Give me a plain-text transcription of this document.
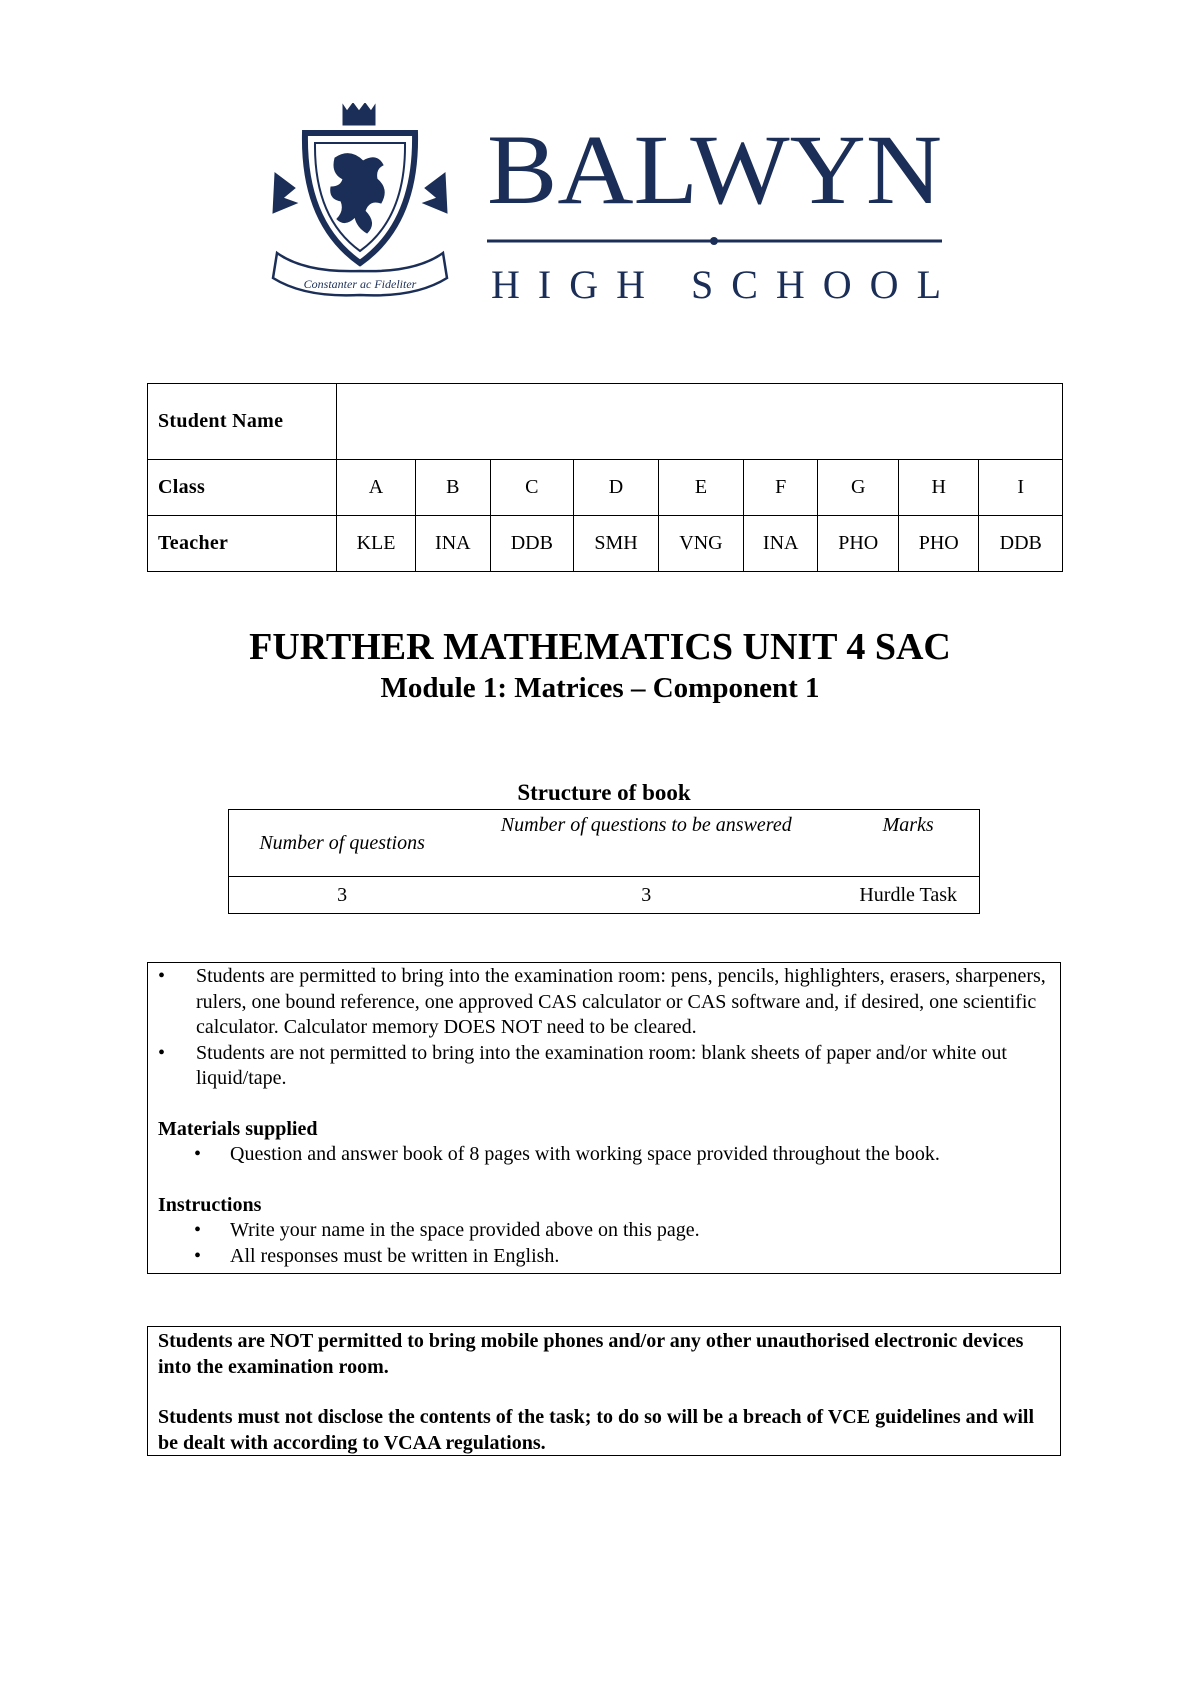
Constanter ac Fideliter
BALWYN
HIGH SCHOOL
Student Name									
Class	A	B	C	D	E	F	G	H	I
Teacher	KLE	INA	DDB	SMH	VNG	INA	PHO	PHO	DDB
FURTHER MATHEMATICS UNIT 4 SAC
Module 1: Matrices – Component 1
Structure of book
Number of questions	Number of questions to be answered	Marks
3	3	Hurdle Task
• Students are permitted to bring into the examination room: pens, pencils, highlighters, erasers, sharpeners, rulers, one bound reference, one approved CAS calculator or CAS software and, if desired, one scientific calculator. Calculator memory DOES NOT need to be cleared.
• Students are not permitted to bring into the examination room: blank sheets of paper and/or white out liquid/tape.
Materials supplied
• Question and answer book of 8 pages with working space provided throughout the book.
Instructions
• Write your name in the space provided above on this page.
• All responses must be written in English.

Students are NOT permitted to bring mobile phones and/or any other unauthorised electronic devices into the examination room.

Students must not disclose the contents of the task; to do so will be a breach of VCE guidelines and will be dealt with according to VCAA regulations.
